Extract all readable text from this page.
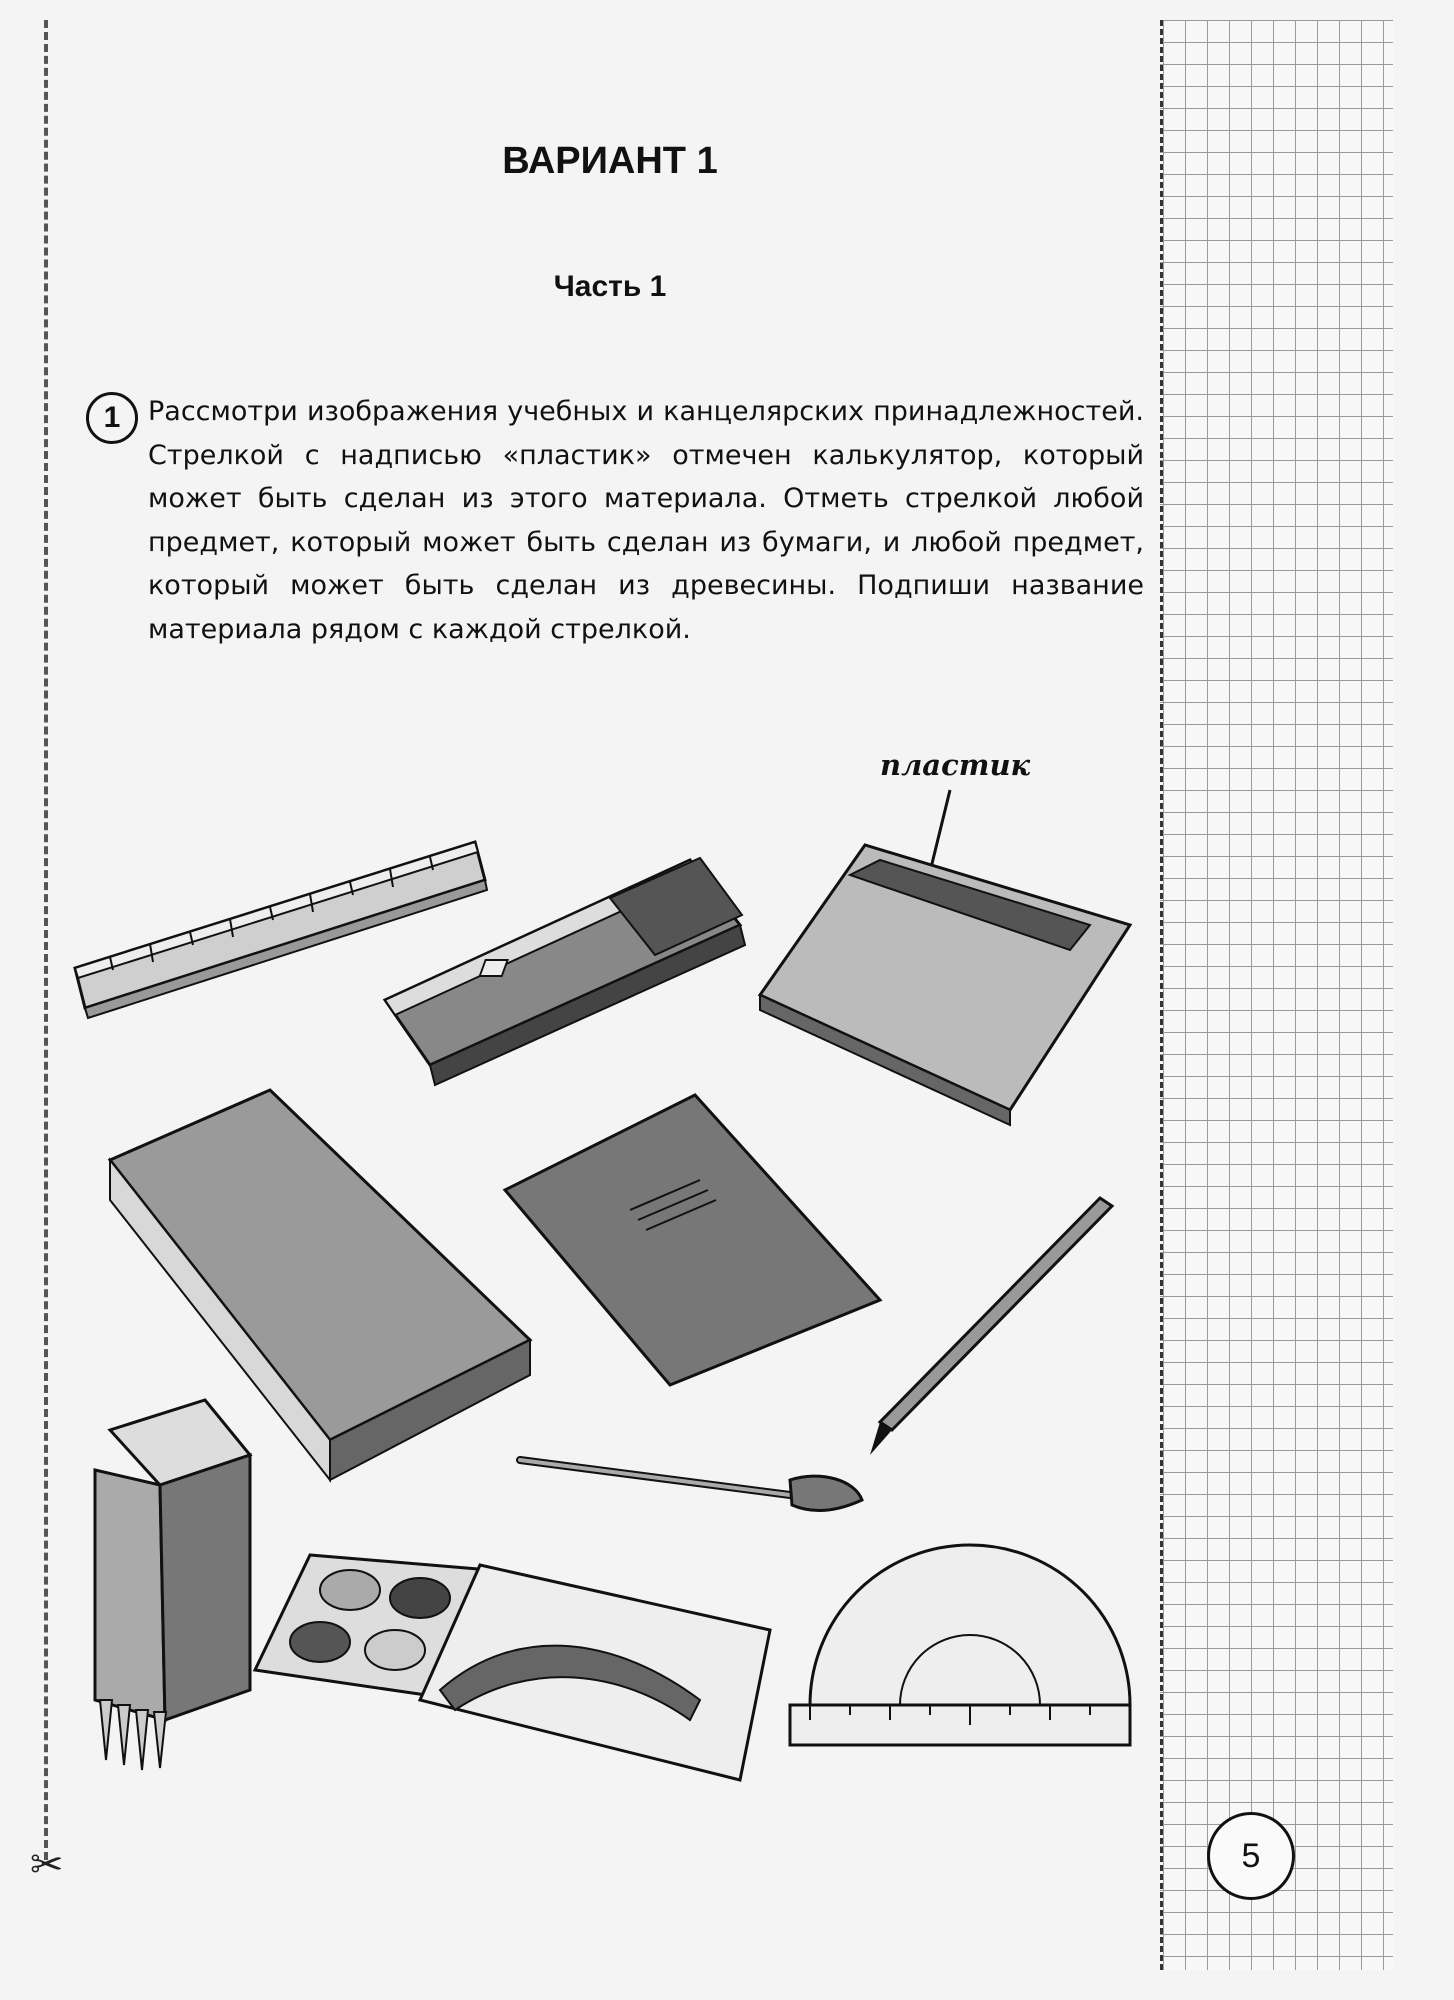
✂
ВАРИАНТ 1
Часть 1
1	Рассмотри изображения учебных и канцелярских принадлежностей. Стрелкой с надписью «пластик» отмечен калькулятор, который может быть сделан из этого материала. Отметь стрелкой любой предмет, который может быть сделан из бумаги, и любой предмет, который может быть сделан из древесины. Подпиши название материала рядом с каждой стрелкой.

пластик
5
